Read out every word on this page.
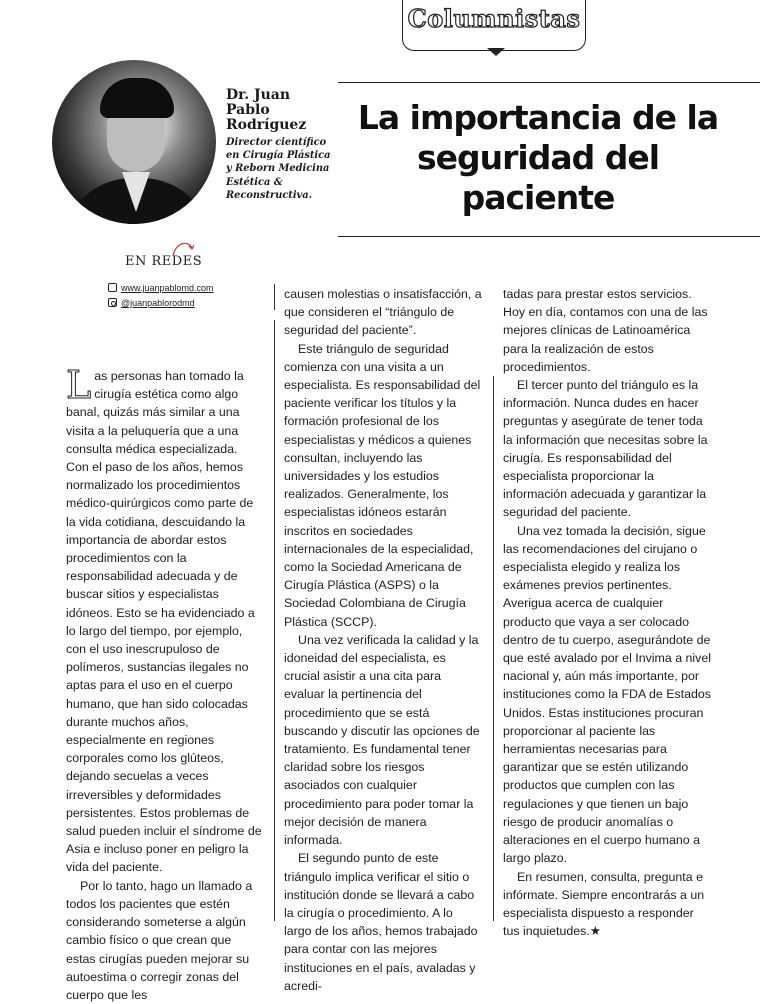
Columnistas

Dr. Juan Pablo Rodríguez

Director científico en Cirugía Plástica y Reborn Medicina Estética & Reconstructiva.

La importancia de la seguridad del paciente
EN REDES
www.juanpablomd.com
@juanpablorodmd

Las personas han tomado la cirugía estética como algo banal, quizás más similar a una visita a la peluquería que a una consulta médica especializada. Con el paso de los años, hemos normalizado los procedimientos médico-quirúrgicos como parte de la vida cotidiana, descuidando la importancia de abordar estos procedimientos con la responsabilidad adecuada y de buscar sitios y especialistas idóneos. Esto se ha evidenciado a lo largo del tiempo, por ejemplo, con el uso inescrupuloso de polímeros, sustancias ilegales no aptas para el uso en el cuerpo humano, que han sido colocadas durante muchos años, especialmente en regiones corporales como los glúteos, dejando secuelas a veces irreversibles y deformidades persistentes. Estos problemas de salud pueden incluir el síndrome de Asia e incluso poner en peligro la vida del paciente.

Por lo tanto, hago un llamado a todos los pacientes que estén considerando someterse a algún cambio físico o que crean que estas cirugías pueden mejorar su autoestima o corregir zonas del cuerpo que les

causen molestias o insatisfacción, a que consideren el “triángulo de seguridad del paciente”.

Este triángulo de seguridad comienza con una visita a un especialista. Es responsabilidad del paciente verificar los títulos y la formación profesional de los especialistas y médicos a quienes consultan, incluyendo las universidades y los estudios realizados. Generalmente, los especialistas idóneos estarán inscritos en sociedades internacionales de la especialidad, como la Sociedad Americana de Cirugía Plástica (ASPS) o la Sociedad Colombiana de Cirugía Plástica (SCCP).

Una vez verificada la calidad y la idoneidad del especialista, es crucial asistir a una cita para evaluar la pertinencia del procedimiento que se está buscando y discutir las opciones de tratamiento. Es fundamental tener claridad sobre los riesgos asociados con cualquier procedimiento para poder tomar la mejor decisión de manera informada.

El segundo punto de este triángulo implica verificar el sitio o institución donde se llevará a cabo la cirugía o procedimiento. A lo largo de los años, hemos trabajado para contar con las mejores instituciones en el país, avaladas y acredi-

tadas para prestar estos servicios. Hoy en día, contamos con una de las mejores clínicas de Latinoamérica para la realización de estos procedimientos.

El tercer punto del triángulo es la información. Nunca dudes en hacer preguntas y asegúrate de tener toda la información que necesitas sobre la cirugía. Es responsabilidad del especialista proporcionar la información adecuada y garantizar la seguridad del paciente.

Una vez tomada la decisión, sigue las recomendaciones del cirujano o especialista elegido y realiza los exámenes previos pertinentes. Averigua acerca de cualquier producto que vaya a ser colocado dentro de tu cuerpo, asegurándote de que esté avalado por el Invima a nivel nacional y, aún más importante, por instituciones como la FDA de Estados Unidos. Estas instituciones procuran proporcionar al paciente las herramientas necesarias para garantizar que se estén utilizando productos que cumplen con las regulaciones y que tienen un bajo riesgo de producir anomalías o alteraciones en el cuerpo humano a largo plazo.

En resumen, consulta, pregunta e infórmate. Siempre encontrarás a un especialista dispuesto a responder tus inquietudes.★
